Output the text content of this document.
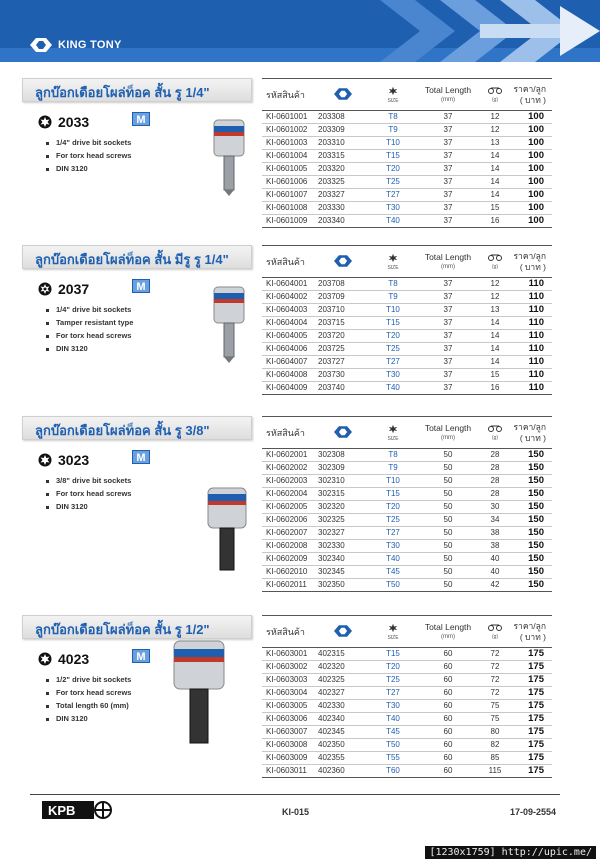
KING TONY
ลูกบ๊อกเดือยโผล่ท็อค สั้น รู 1/4"
2033	M
1/4" drive bit sockets
For torx head screws
DIN 3120
รหัสสินค้า		SIZE	Total Length
(mm)	(g)	ราคา/ลูก
( บาท )
KI-0601001	203308	T8	37	12	100
KI-0601002	203309	T9	37	12	100
KI-0601003	203310	T10	37	13	100
KI-0601004	203315	T15	37	14	100
KI-0601005	203320	T20	37	14	100
KI-0601006	203325	T25	37	14	100
KI-0601007	203327	T27	37	14	100
KI-0601008	203330	T30	37	15	100
KI-0601009	203340	T40	37	16	100
ลูกบ๊อกเดือยโผล่ท็อค สั้น มีรู รู 1/4"
2037	M
1/4" drive bit sockets
Tamper resistant type
For torx head screws
DIN 3120
รหัสสินค้า		SIZE	Total Length
(mm)	(g)	ราคา/ลูก
( บาท )
KI-0604001	203708	T8	37	12	110
KI-0604002	203709	T9	37	12	110
KI-0604003	203710	T10	37	13	110
KI-0604004	203715	T15	37	14	110
KI-0604005	203720	T20	37	14	110
KI-0604006	203725	T25	37	14	110
KI-0604007	203727	T27	37	14	110
KI-0604008	203730	T30	37	15	110
KI-0604009	203740	T40	37	16	110
ลูกบ๊อกเดือยโผล่ท็อค สั้น รู 3/8"
3023	M
3/8" drive bit sockets
For torx head screws
DIN 3120
รหัสสินค้า		SIZE	Total Length
(mm)	(g)	ราคา/ลูก
( บาท )
KI-0602001	302308	T8	50	28	150
KI-0602002	302309	T9	50	28	150
KI-0602003	302310	T10	50	28	150
KI-0602004	302315	T15	50	28	150
KI-0602005	302320	T20	50	30	150
KI-0602006	302325	T25	50	34	150
KI-0602007	302327	T27	50	38	150
KI-0602008	302330	T30	50	38	150
KI-0602009	302340	T40	50	40	150
KI-0602010	302345	T45	50	40	150
KI-0602011	302350	T50	50	42	150
ลูกบ๊อกเดือยโผล่ท็อค สั้น รู 1/2"
4023	M
1/2" drive bit sockets
For torx head screws
Total length 60 (mm)
DIN 3120
รหัสสินค้า		SIZE	Total Length
(mm)	(g)	ราคา/ลูก
( บาท )
KI-0603001	402315	T15	60	72	175
KI-0603002	402320	T20	60	72	175
KI-0603003	402325	T25	60	72	175
KI-0603004	402327	T27	60	72	175
KI-0603005	402330	T30	60	75	175
KI-0603006	402340	T40	60	75	175
KI-0603007	402345	T45	60	80	175
KI-0603008	402350	T50	60	82	175
KI-0603009	402355	T55	60	85	175
KI-0603011	402360	T60	60	115	175
KPB	KI-015	17-09-2554
[1230x1759] http://upic.me/
